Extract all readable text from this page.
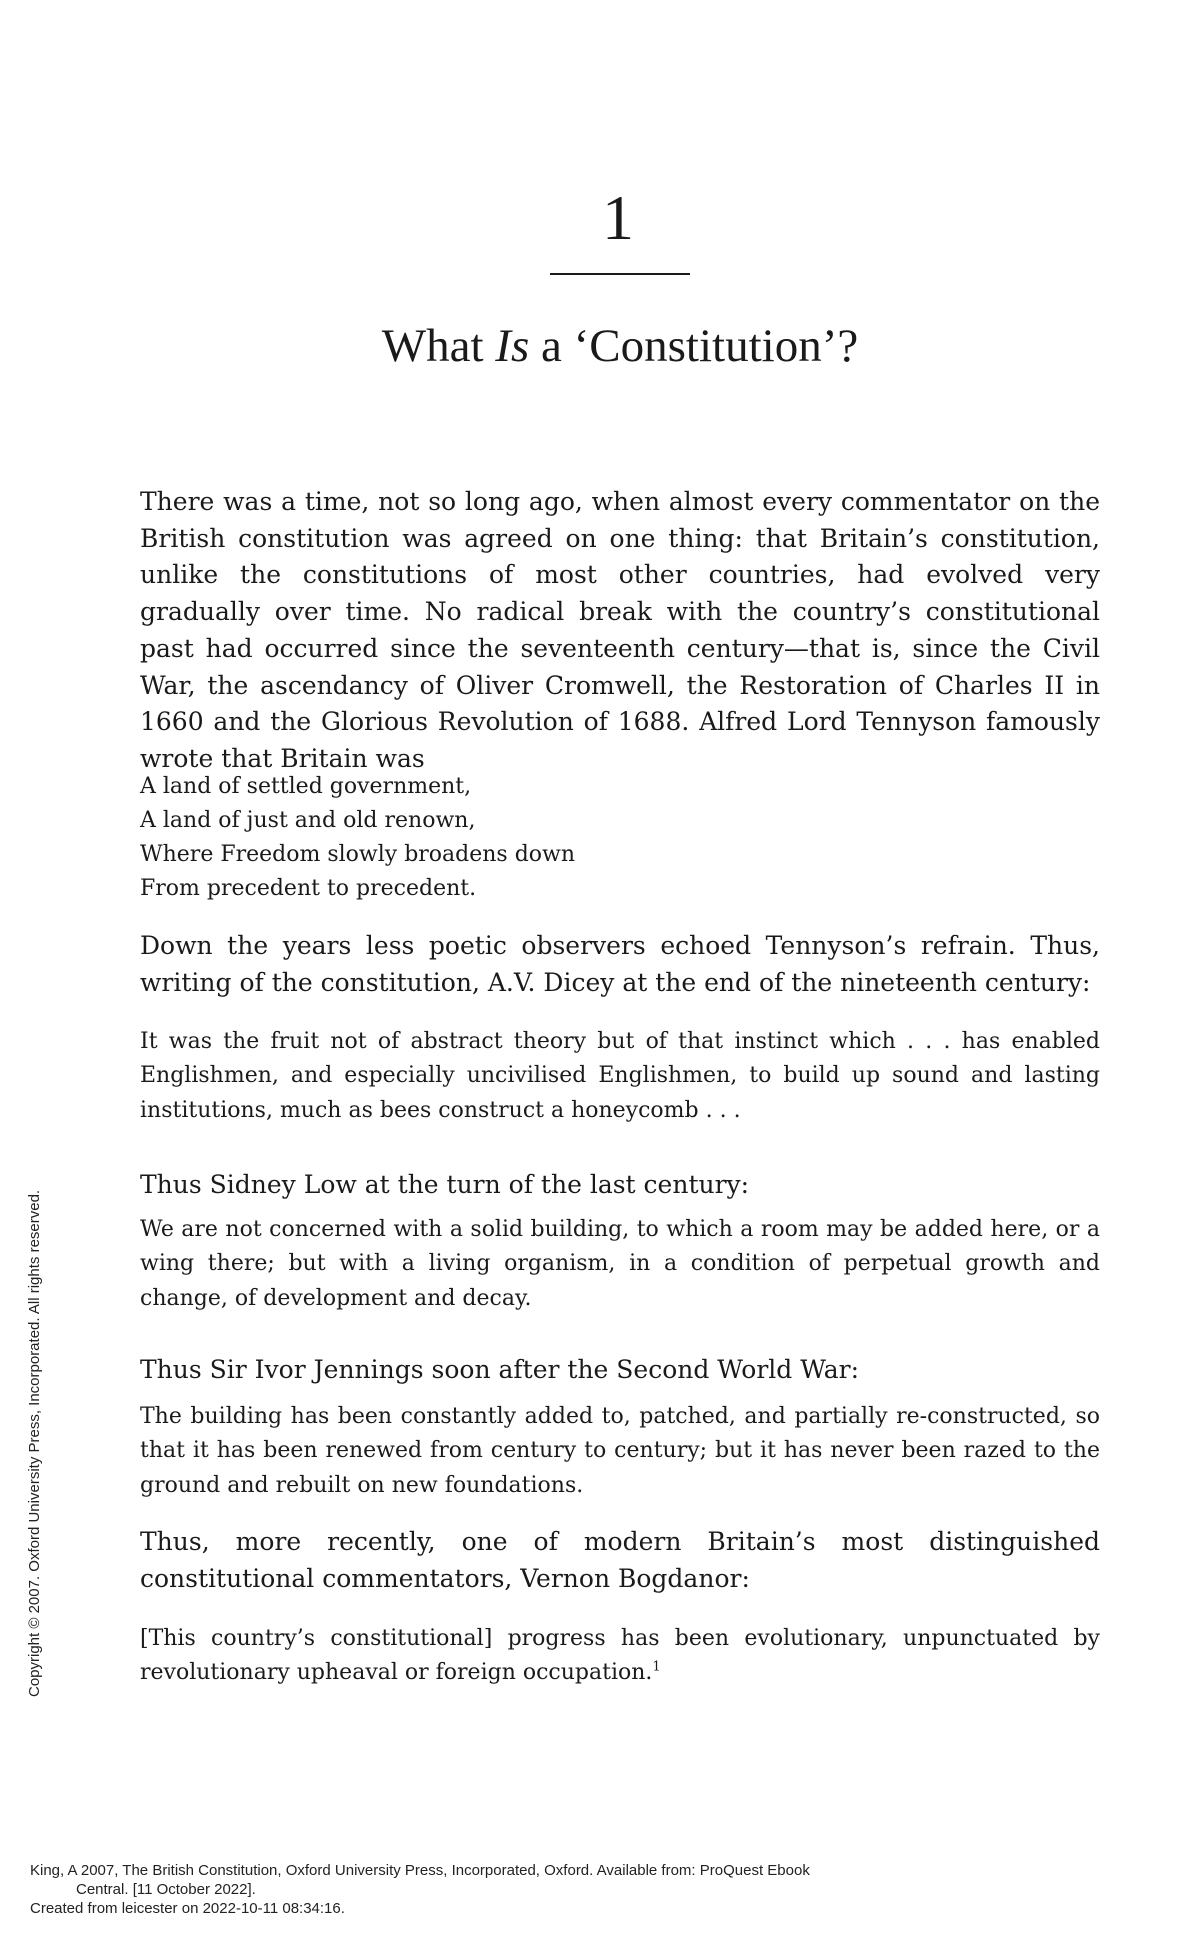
1
What Is a ‘Constitution’?

There was a time, not so long ago, when almost every commentator on the British constitution was agreed on one thing: that Britain’s constitution, unlike the constitutions of most other countries, had evolved very gradually over time. No radical break with the country’s constitutional past had occurred since the seventeenth century—that is, since the Civil War, the ascendancy of Oliver Cromwell, the Restoration of Charles II in 1660 and the Glorious Revolution of 1688. Alfred Lord Tennyson famously wrote that Britain was

A land of settled government,
A land of just and old renown,
Where Freedom slowly broadens down
From precedent to precedent.

Down the years less poetic observers echoed Tennyson’s refrain. Thus, writing of the constitution, A.V. Dicey at the end of the nineteenth century:

It was the fruit not of abstract theory but of that instinct which . . . has enabled Englishmen, and especially uncivilised Englishmen, to build up sound and lasting institutions, much as bees construct a honeycomb . . .

Thus Sidney Low at the turn of the last century:

We are not concerned with a solid building, to which a room may be added here, or a wing there; but with a living organism, in a condition of perpetual growth and change, of development and decay.

Thus Sir Ivor Jennings soon after the Second World War:

The building has been constantly added to, patched, and partially re-constructed, so that it has been renewed from century to century; but it has never been razed to the ground and rebuilt on new foundations.

Thus, more recently, one of modern Britain’s most distinguished constitutional commentators, Vernon Bogdanor:

[This country’s constitutional] progress has been evolutionary, unpunctuated by revolutionary upheaval or foreign occupation.$^1$

Copyright © 2007. Oxford University Press, Incorporated. All rights reserved.
King, A 2007, The British Constitution, Oxford University Press, Incorporated, Oxford. Available from: ProQuest Ebook
Central. [11 October 2022].
Created from leicester on 2022-10-11 08:34:16.
